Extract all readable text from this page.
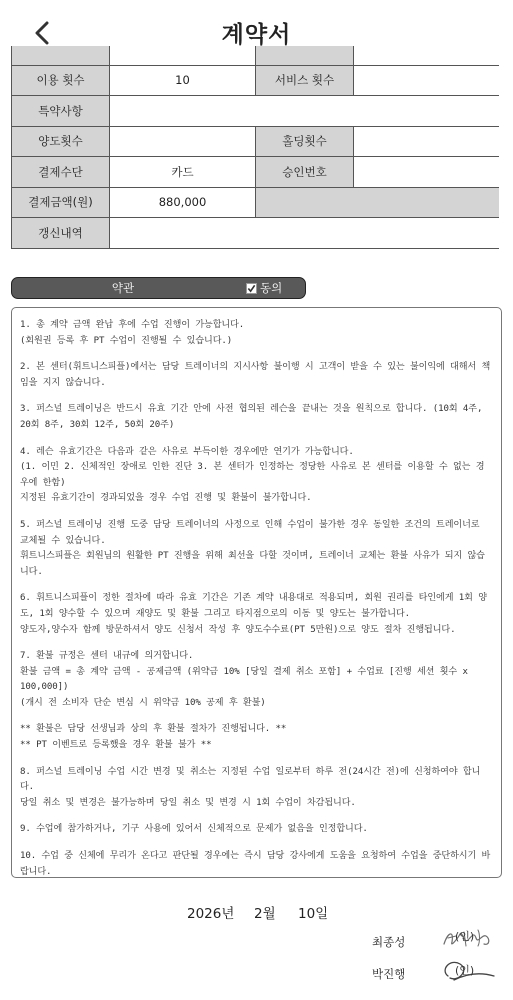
계약서

이용 횟수	10	서비스 횟수	
특약사항			
양도횟수		홀딩횟수	
결제수단	카드	승인번호	
결제금액(원)	880,000		
갱신내역			
약관	동의

1. 총 계약 금액 완납 후에 수업 진행이 가능합니다.
(회원권 등록 후 PT 수업이 진행될 수 있습니다.)

2. 본 센터(휘트니스피플)에서는 담당 트레이너의 지시사항 불이행 시 고객이 받을 수 있는 불이익에 대해서 책임을 지지 않습니다.

3. 퍼스널 트레이닝은 반드시 유효 기간 안에 사전 협의된 레슨을 끝내는 것을 원칙으로 합니다. (10회 4주, 20회 8주, 30회 12주, 50회 20주)

4. 레슨 유효기간은 다음과 같은 사유로 부득이한 경우에만 연기가 가능합니다.
(1. 이민 2. 신체적인 장애로 인한 진단 3. 본 센터가 인정하는 정당한 사유로 본 센터를 이용할 수 없는 경우에 한함)
지정된 유효기간이 경과되었을 경우 수업 진행 및 환불이 불가합니다.

5. 퍼스널 트레이닝 진행 도중 담당 트레이너의 사정으로 인해 수업이 불가한 경우 동일한 조건의 트레이너로 교체될 수 있습니다.
휘트니스피플은 회원님의 원활한 PT 진행을 위해 최선을 다할 것이며, 트레이너 교체는 환불 사유가 되지 않습니다.

6. 휘트니스피플이 정한 절차에 따라 유효 기간은 기존 계약 내용대로 적용되며, 회원 권리를 타인에게 1회 양도, 1회 양수할 수 있으며 재양도 및 환불 그리고 타지점으로의 이동 및 양도는 불가합니다.
양도자,양수자 함께 방문하셔서 양도 신청서 작성 후 양도수수료(PT 5만원)으로 양도 절차 진행됩니다.

7. 환불 규정은 센터 내규에 의거합니다.
환불 금액 = 총 계약 금액 - 공제금액 (위약금 10% [당일 결제 취소 포함] + 수업료 [진행 세션 횟수 x 100,000])
(개시 전 소비자 단순 변심 시 위약금 10% 공제 후 환불)

** 환불은 담당 선생님과 상의 후 환불 절차가 진행됩니다. **
** PT 이벤트로 등록했을 경우 환불 불가 **

8. 퍼스널 트레이닝 수업 시간 변경 및 취소는 지정된 수업 일로부터 하루 전(24시간 전)에 신청하여야 합니다.
당일 취소 및 변경은 불가능하며 당일 취소 및 변경 시 1회 수업이 차감됩니다.

9. 수업에 참가하거나, 기구 사용에 있어서 신체적으로 문제가 없음을 인정합니다.

10. 수업 중 신체에 무리가 온다고 판단될 경우에는 즉시 담당 강사에게 도움을 요청하여 수업을 중단하시기 바랍니다.

2026년 2월 10일
최종성	(인)
박진행	(인)
